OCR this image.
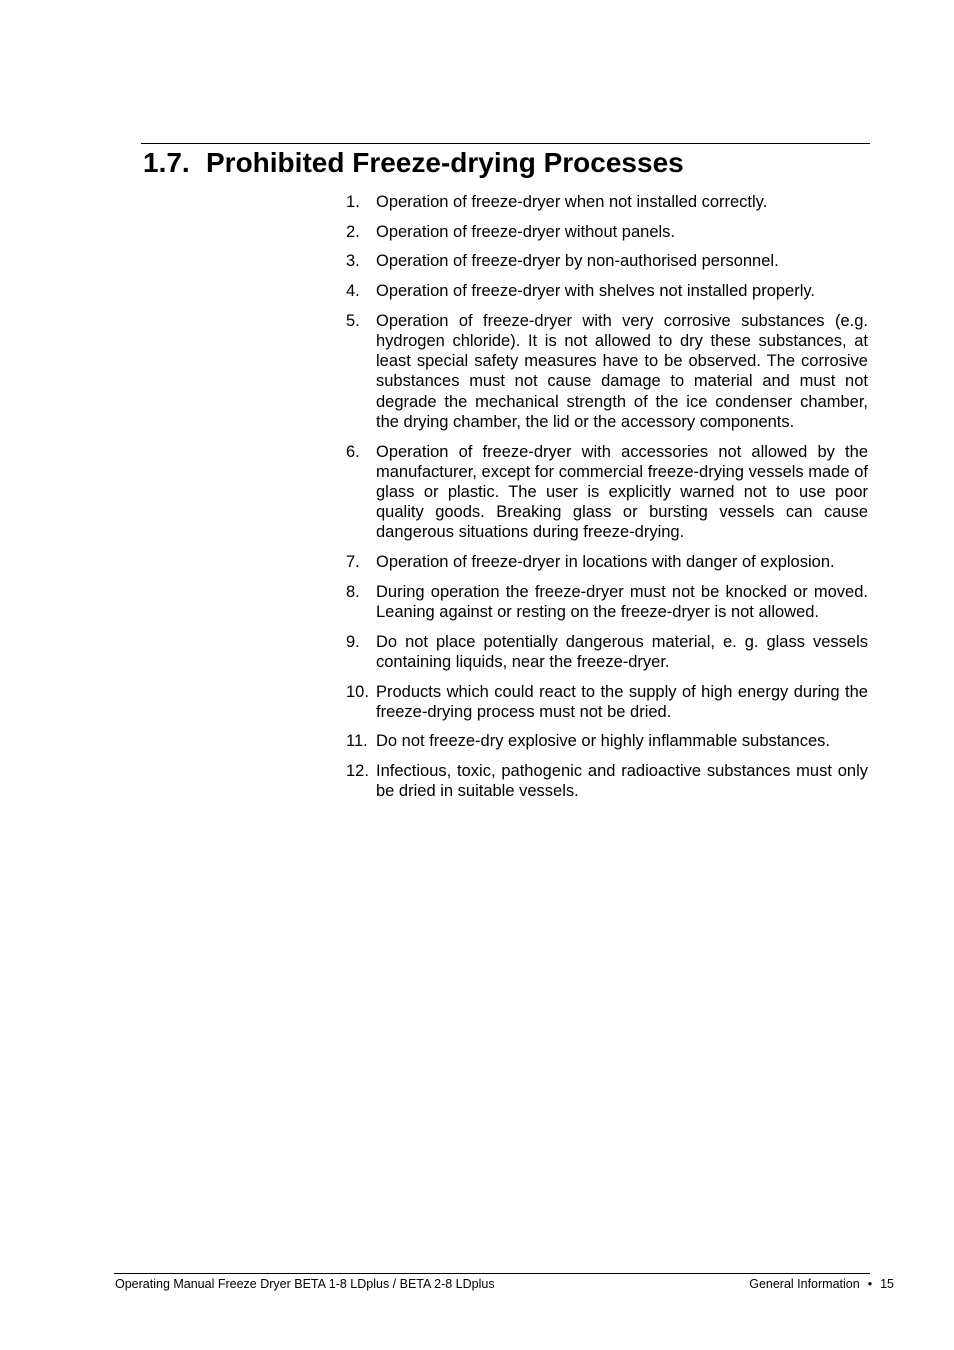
1.7. Prohibited Freeze-drying Processes
1. Operation of freeze-dryer when not installed correctly.
2. Operation of freeze-dryer without panels.
3. Operation of freeze-dryer by non-authorised personnel.
4. Operation of freeze-dryer with shelves not installed properly.
5. Operation of freeze-dryer with very corrosive substances (e.g. hydrogen chloride). It is not allowed to dry these substances, at least special safety measures have to be observed. The corrosive substances must not cause damage to material and must not degrade the mechanical strength of the ice condenser chamber, the drying chamber, the lid or the accessory components.
6. Operation of freeze-dryer with accessories not allowed by the manufacturer, except for commercial freeze-drying vessels made of glass or plastic. The user is explicitly warned not to use poor quality goods. Breaking glass or bursting vessels can cause dangerous situations during freeze-drying.
7. Operation of freeze-dryer in locations with danger of explosion.
8. During operation the freeze-dryer must not be knocked or moved. Leaning against or resting on the freeze-dryer is not allowed.
9. Do not place potentially dangerous material, e. g. glass vessels containing liquids, near the freeze-dryer.
10. Products which could react to the supply of high energy during the freeze-drying process must not be dried.
11. Do not freeze-dry explosive or highly inflammable substances.
12. Infectious, toxic, pathogenic and radioactive substances must only be dried in suitable vessels.
Operating Manual Freeze Dryer BETA 1-8 LDplus / BETA 2-8 LDplus	General Information • 15
